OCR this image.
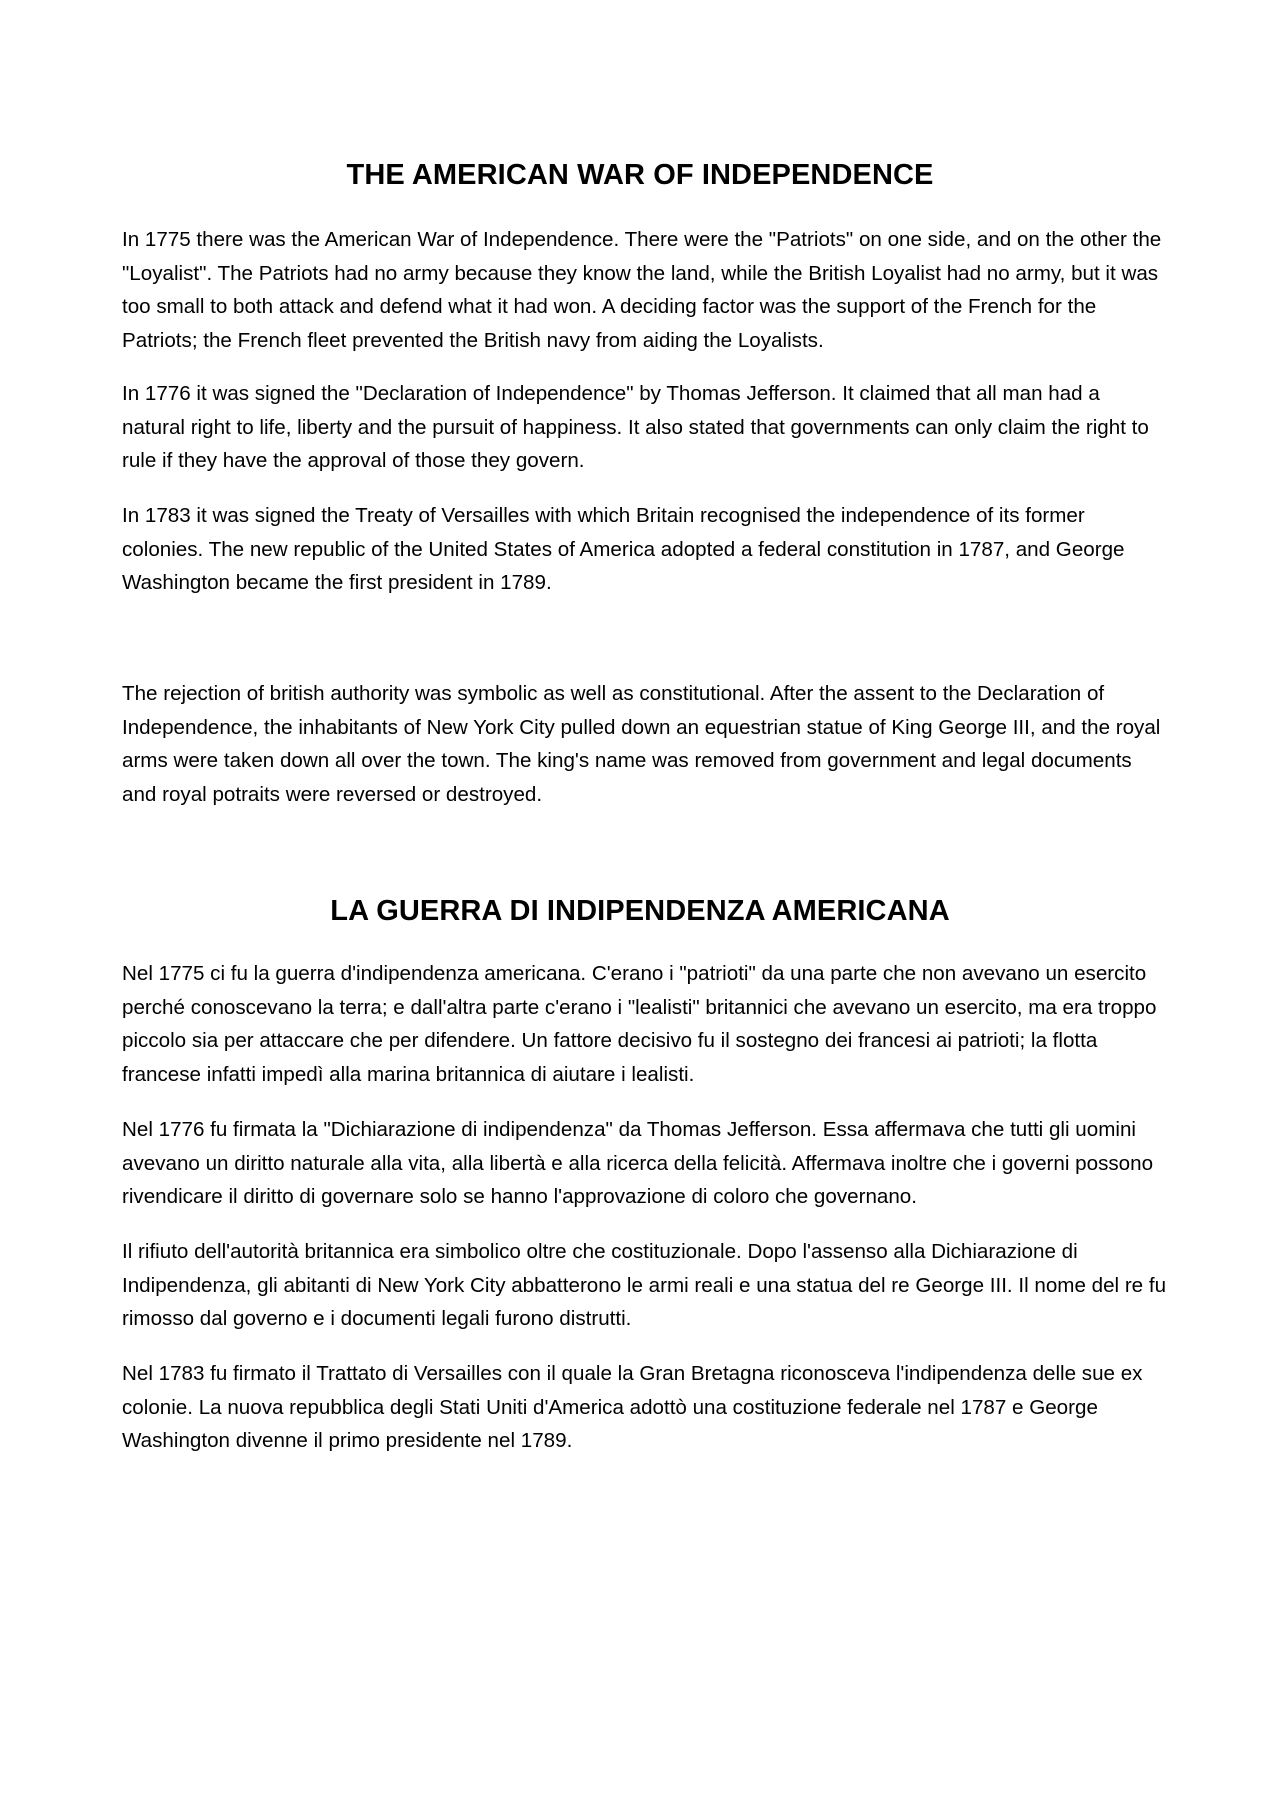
THE AMERICAN WAR OF INDEPENDENCE

In 1775 there was the American War of Independence. There were the "Patriots" on one side, and on the other the "Loyalist". The Patriots had no army because they know the land, while the British Loyalist had no army, but it was too small to both attack and defend what it had won. A deciding factor was the support of the French for the Patriots; the French fleet prevented the British navy from aiding the Loyalists.

In 1776 it was signed the "Declaration of Independence" by Thomas Jefferson. It claimed that all man had a natural right to life, liberty and the pursuit of happiness. It also stated that governments can only claim the right to rule if they have the approval of those they govern.

In 1783 it was signed the Treaty of Versailles with which Britain recognised the independence of its former colonies. The new republic of the United States of America adopted a federal constitution in 1787, and George Washington became the first president in 1789.

The rejection of british authority was symbolic as well as constitutional. After the assent to the Declaration of Independence, the inhabitants of New York City pulled down an equestrian statue of King George III, and the royal arms were taken down all over the town. The king's name was removed from government and legal documents and royal potraits were reversed or destroyed.

LA GUERRA DI INDIPENDENZA AMERICANA

Nel 1775 ci fu la guerra d'indipendenza americana. C'erano i "patrioti" da una parte che non avevano un esercito perché conoscevano la terra; e dall'altra parte c'erano i "lealisti" britannici che avevano un esercito, ma era troppo piccolo sia per attaccare che per difendere. Un fattore decisivo fu il sostegno dei francesi ai patrioti; la flotta francese infatti impedì alla marina britannica di aiutare i lealisti.

Nel 1776 fu firmata la "Dichiarazione di indipendenza" da Thomas Jefferson. Essa affermava che tutti gli uomini avevano un diritto naturale alla vita, alla libertà e alla ricerca della felicità. Affermava inoltre che i governi possono rivendicare il diritto di governare solo se hanno l'approvazione di coloro che governano.

Il rifiuto dell'autorità britannica era simbolico oltre che costituzionale. Dopo l'assenso alla Dichiarazione di Indipendenza, gli abitanti di New York City abbatterono le armi reali e una statua del re George III. Il nome del re fu rimosso dal governo e i documenti legali furono distrutti.

Nel 1783 fu firmato il Trattato di Versailles con il quale la Gran Bretagna riconosceva l'indipendenza delle sue ex colonie. La nuova repubblica degli Stati Uniti d'America adottò una costituzione federale nel 1787 e George Washington divenne il primo presidente nel 1789.
